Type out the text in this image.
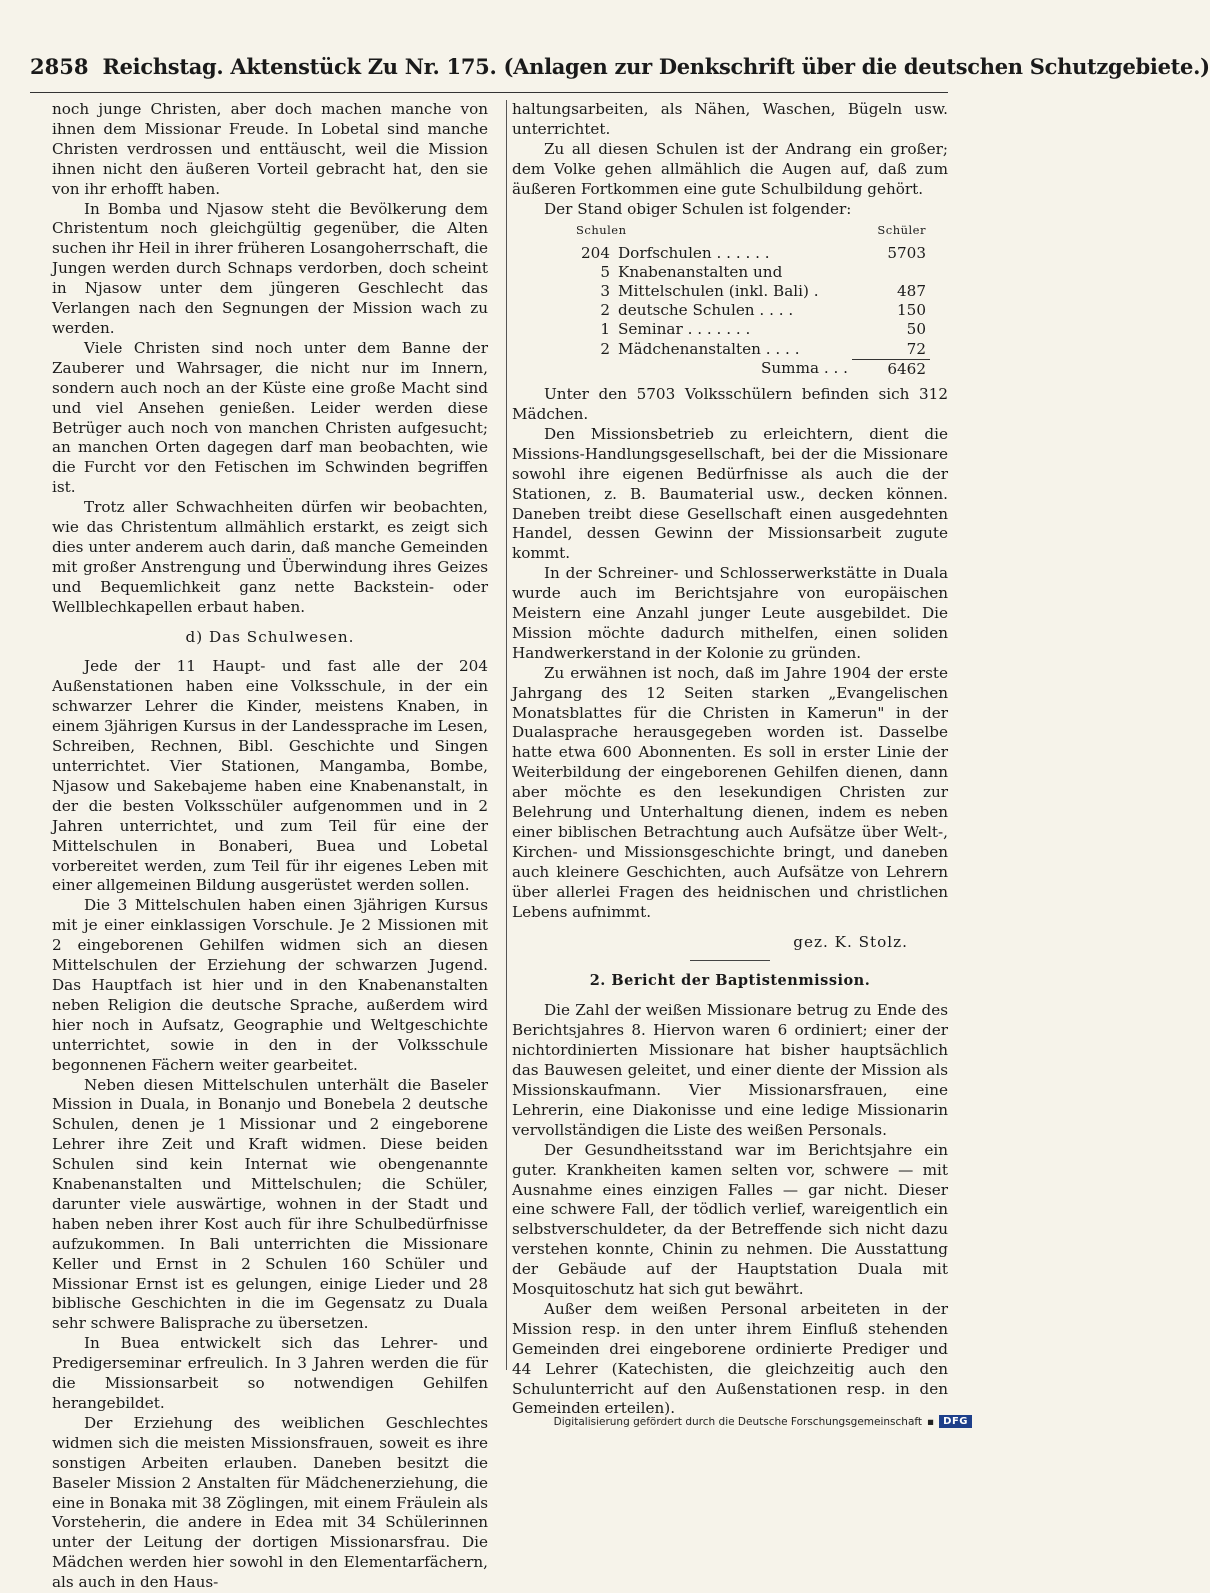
2858 Reichstag. Aktenstück Zu Nr. 175. (Anlagen zur Denkschrift über die deutschen Schutzgebiete.)

noch junge Christen, aber doch machen manche von ihnen dem Missionar Freude. In Lobetal sind manche Christen verdrossen und enttäuscht, weil die Mission ihnen nicht den äußeren Vorteil gebracht hat, den sie von ihr erhofft haben.

In Bomba und Njasow steht die Bevölkerung dem Christentum noch gleichgültig gegenüber, die Alten suchen ihr Heil in ihrer früheren Losangoherrschaft, die Jungen werden durch Schnaps verdorben, doch scheint in Njasow unter dem jüngeren Geschlecht das Verlangen nach den Segnungen der Mission wach zu werden.

Viele Christen sind noch unter dem Banne der Zauberer und Wahrsager, die nicht nur im Innern, sondern auch noch an der Küste eine große Macht sind und viel Ansehen genießen. Leider werden diese Betrüger auch noch von manchen Christen aufgesucht; an manchen Orten dagegen darf man beobachten, wie die Furcht vor den Fetischen im Schwinden begriffen ist.

Trotz aller Schwachheiten dürfen wir beobachten, wie das Christentum allmählich erstarkt, es zeigt sich dies unter anderem auch darin, daß manche Gemeinden mit großer Anstrengung und Überwindung ihres Geizes und Bequemlichkeit ganz nette Backstein- oder Wellblechkapellen erbaut haben.

d) Das Schulwesen.

Jede der 11 Haupt- und fast alle der 204 Außenstationen haben eine Volksschule, in der ein schwarzer Lehrer die Kinder, meistens Knaben, in einem 3jährigen Kursus in der Landessprache im Lesen, Schreiben, Rechnen, Bibl. Geschichte und Singen unterrichtet. Vier Stationen, Mangamba, Bombe, Njasow und Sakebajeme haben eine Knabenanstalt, in der die besten Volksschüler aufgenommen und in 2 Jahren unterrichtet, und zum Teil für eine der Mittelschulen in Bonaberi, Buea und Lobetal vorbereitet werden, zum Teil für ihr eigenes Leben mit einer allgemeinen Bildung ausgerüstet werden sollen.

Die 3 Mittelschulen haben einen 3jährigen Kursus mit je einer einklassigen Vorschule. Je 2 Missionen mit 2 eingeborenen Gehilfen widmen sich an diesen Mittelschulen der Erziehung der schwarzen Jugend. Das Hauptfach ist hier und in den Knabenanstalten neben Religion die deutsche Sprache, außerdem wird hier noch in Aufsatz, Geographie und Weltgeschichte unterrichtet, sowie in den in der Volksschule begonnenen Fächern weiter gearbeitet.

Neben diesen Mittelschulen unterhält die Baseler Mission in Duala, in Bonanjo und Bonebela 2 deutsche Schulen, denen je 1 Missionar und 2 eingeborene Lehrer ihre Zeit und Kraft widmen. Diese beiden Schulen sind kein Internat wie obengenannte Knabenanstalten und Mittelschulen; die Schüler, darunter viele auswärtige, wohnen in der Stadt und haben neben ihrer Kost auch für ihre Schulbedürfnisse aufzukommen. In Bali unterrichten die Missionare Keller und Ernst in 2 Schulen 160 Schüler und Missionar Ernst ist es gelungen, einige Lieder und 28 biblische Geschichten in die im Gegensatz zu Duala sehr schwere Balisprache zu übersetzen.

In Buea entwickelt sich das Lehrer- und Predigerseminar erfreulich. In 3 Jahren werden die für die Missionsarbeit so notwendigen Gehilfen herangebildet.

Der Erziehung des weiblichen Geschlechtes widmen sich die meisten Missionsfrauen, soweit es ihre sonstigen Arbeiten erlauben. Daneben besitzt die Baseler Mission 2 Anstalten für Mädchenerziehung, die eine in Bonaka mit 38 Zöglingen, mit einem Fräulein als Vorsteherin, die andere in Edea mit 34 Schülerinnen unter der Leitung der dortigen Missionarsfrau. Die Mädchen werden hier sowohl in den Elementarfächern, als auch in den Haus-

haltungsarbeiten, als Nähen, Waschen, Bügeln usw. unterrichtet.

Zu all diesen Schulen ist der Andrang ein großer; dem Volke gehen allmählich die Augen auf, daß zum äußeren Fortkommen eine gute Schulbildung gehört.

Der Stand obiger Schulen ist folgender:

Schulen		Schüler
204	Dorfschulen . . . . . .	5703
5	Knabenanstalten und	
3	Mittelschulen (inkl. Bali) .	487
2	deutsche Schulen . . . .	150
1	Seminar . . . . . . .	50
2	Mädchenanstalten . . . .	72
	Summa . . .	6462

Unter den 5703 Volksschülern befinden sich 312 Mädchen.

Den Missionsbetrieb zu erleichtern, dient die Missions-Handlungsgesellschaft, bei der die Missionare sowohl ihre eigenen Bedürfnisse als auch die der Stationen, z. B. Baumaterial usw., decken können. Daneben treibt diese Gesellschaft einen ausgedehnten Handel, dessen Gewinn der Missionsarbeit zugute kommt.

In der Schreiner- und Schlosserwerkstätte in Duala wurde auch im Berichtsjahre von europäischen Meistern eine Anzahl junger Leute ausgebildet. Die Mission möchte dadurch mithelfen, einen soliden Handwerkerstand in der Kolonie zu gründen.

Zu erwähnen ist noch, daß im Jahre 1904 der erste Jahrgang des 12 Seiten starken „Evangelischen Monatsblattes für die Christen in Kamerun" in der Dualasprache herausgegeben worden ist. Dasselbe hatte etwa 600 Abonnenten. Es soll in erster Linie der Weiterbildung der eingeborenen Gehilfen dienen, dann aber möchte es den lesekundigen Christen zur Belehrung und Unterhaltung dienen, indem es neben einer biblischen Betrachtung auch Aufsätze über Welt-, Kirchen- und Missionsgeschichte bringt, und daneben auch kleinere Geschichten, auch Aufsätze von Lehrern über allerlei Fragen des heidnischen und christlichen Lebens aufnimmt.

gez. K. Stolz.
2. Bericht der Baptistenmission.

Die Zahl der weißen Missionare betrug zu Ende des Berichtsjahres 8. Hiervon waren 6 ordiniert; einer der nichtordinierten Missionare hat bisher hauptsächlich das Bauwesen geleitet, und einer diente der Mission als Missionskaufmann. Vier Missionarsfrauen, eine Lehrerin, eine Diakonisse und eine ledige Missionarin vervollständigen die Liste des weißen Personals.

Der Gesundheitsstand war im Berichtsjahre ein guter. Krankheiten kamen selten vor, schwere — mit Ausnahme eines einzigen Falles — gar nicht. Dieser eine schwere Fall, der tödlich verlief, wareigentlich ein selbstverschuldeter, da der Betreffende sich nicht dazu verstehen konnte, Chinin zu nehmen. Die Ausstattung der Gebäude auf der Hauptstation Duala mit Mosquitoschutz hat sich gut bewährt.

Außer dem weißen Personal arbeiteten in der Mission resp. in den unter ihrem Einfluß stehenden Gemeinden drei eingeborene ordinierte Prediger und 44 Lehrer (Katechisten, die gleichzeitig auch den Schulunterricht auf den Außenstationen resp. in den Gemeinden erteilen).

Digitalisierung gefördert durch die Deutsche Forschungsgemeinschaft ▪ DFG
